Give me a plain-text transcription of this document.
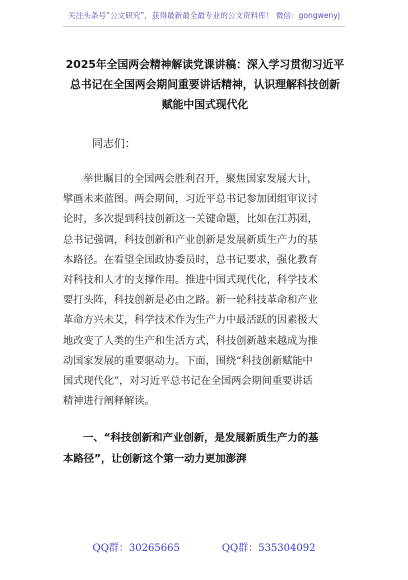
关注头条号“公文研究”，获得最新最全最专业的公文资料库！ 微信：gongwenyj
2025年全国两会精神解读党课讲稿：深入学习贯彻习近平
总书记在全国两会期间重要讲话精神，认识理解科技创新
赋能中国式现代化
同志们：
举世瞩目的全国两会胜利召开，聚焦国家发展大计，
擘画未来蓝图。两会期间，习近平总书记参加团组审议讨
论时，多次提到科技创新这一关键命题，比如在江苏团，
总书记强调，科技创新和产业创新是发展新质生产力的基
本路径。在看望全国政协委员时，总书记要求，强化教育
对科技和人才的支撑作用。推进中国式现代化，科学技术
要打头阵，科技创新是必由之路。新一轮科技革命和产业
革命方兴未艾，科学技术作为生产力中最活跃的因素极大
地改变了人类的生产和生活方式，科技创新越来越成为推
动国家发展的重要驱动力。下面，围绕“科技创新赋能中
国式现代化”，对习近平总书记在全国两会期间重要讲话
精神进行阐释解读。
一、“科技创新和产业创新，是发展新质生产力的基
本路径”，让创新这个第一动力更加澎湃
QQ群：30265665	QQ群：535304092
